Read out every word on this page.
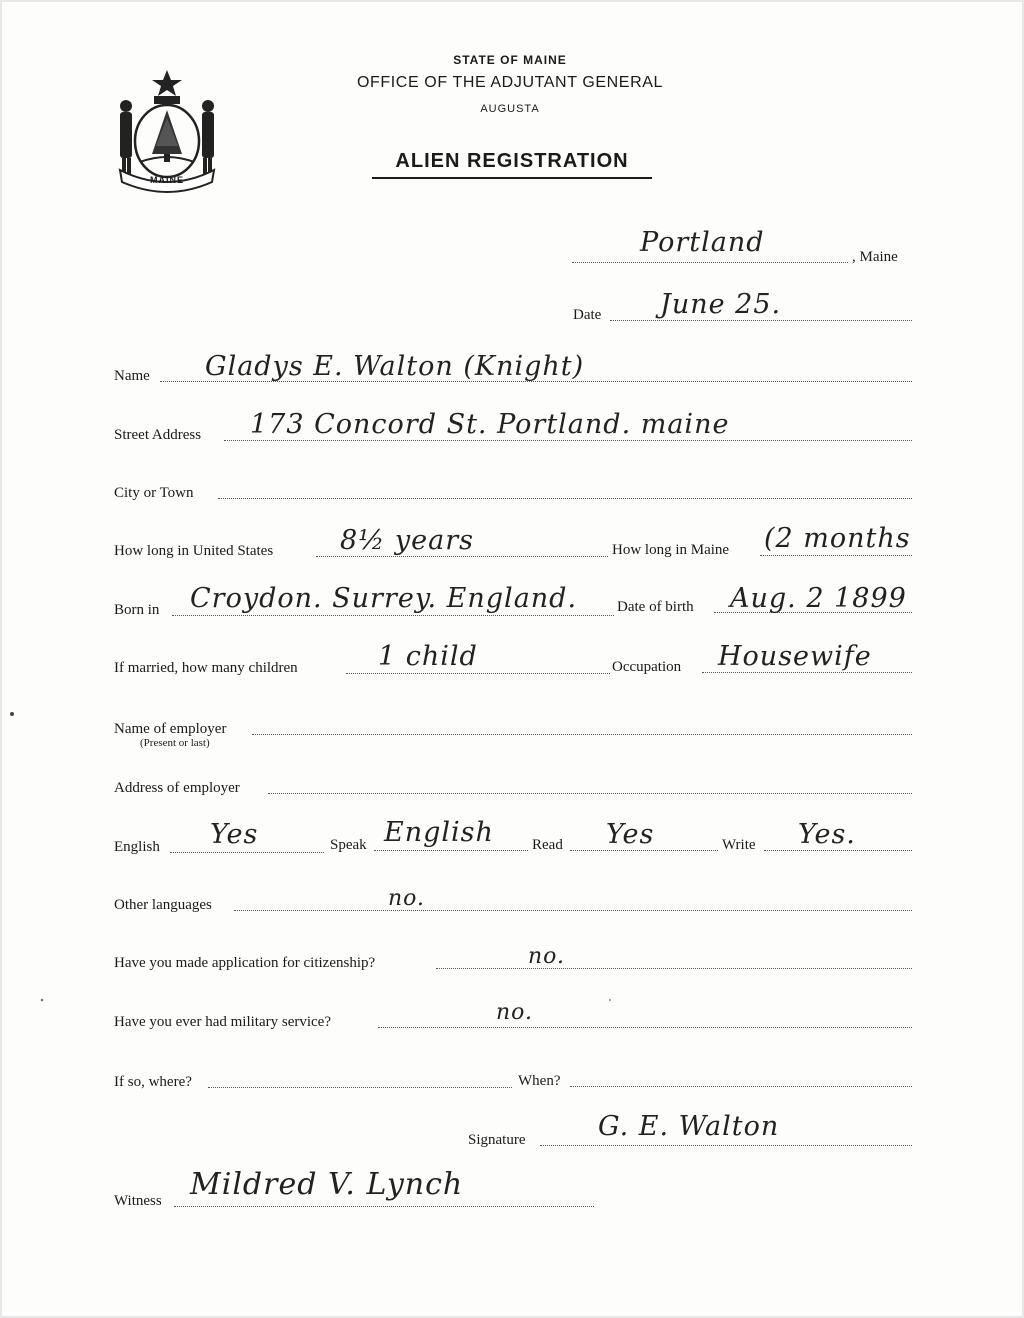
MAINE
STATE OF MAINE
OFFICE OF THE ADJUTANT GENERAL
AUGUSTA
ALIEN REGISTRATION
Portland	, Maine
Date June 25.
Name Gladys E. Walton (Knight)
Street Address 173 Concord St. Portland. maine
City or Town
How long in United States 8½ years	How long in Maine (2 months
Born in Croydon. Surrey. England.	Date of birth Aug. 2 1899
If married, how many children	1 child	Occupation Housewife
Name of employer
(Present or last)
Address of employer
English Yes	Speak English	Read Yes	Write Yes.
Other languages	no.
Have you made application for citizenship?	no.
Have you ever had military service?	no.
If so, where?	When?
Signature	G. E. Walton
Witness Mildred V. Lynch
